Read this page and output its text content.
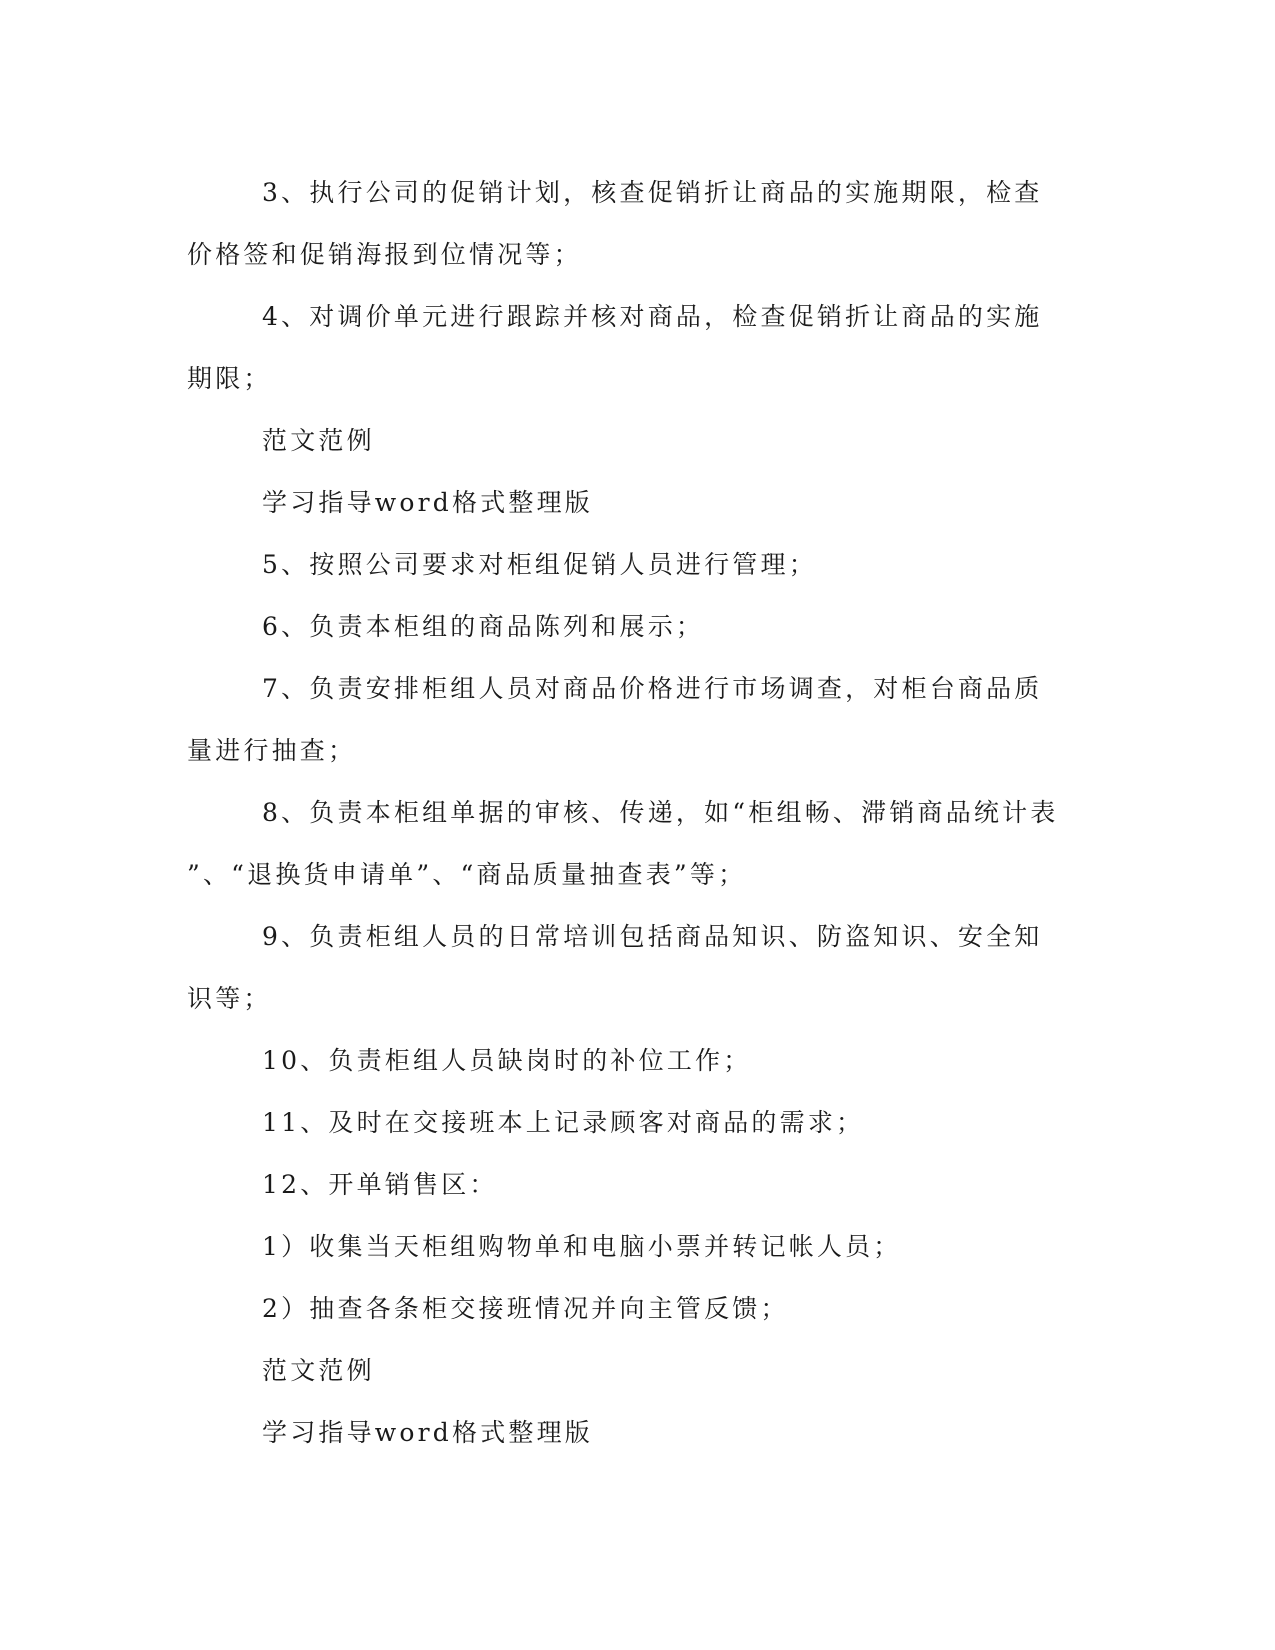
3、执行公司的促销计划，核查促销折让商品的实施期限，检查价格签和促销海报到位情况等；

4、对调价单元进行跟踪并核对商品，检查促销折让商品的实施期限；

范文范例

学习指导word格式整理版

5、按照公司要求对柜组促销人员进行管理；

6、负责本柜组的商品陈列和展示；

7、负责安排柜组人员对商品价格进行市场调查，对柜台商品质量进行抽查；

8、负责本柜组单据的审核、传递，如“柜组畅、滞销商品统计表

”、“退换货申请单”、“商品质量抽查表”等；

9、负责柜组人员的日常培训包括商品知识、防盗知识、安全知识等；

10、负责柜组人员缺岗时的补位工作；

11、及时在交接班本上记录顾客对商品的需求；

12、开单销售区：

1）收集当天柜组购物单和电脑小票并转记帐人员；

2）抽查各条柜交接班情况并向主管反馈；

范文范例

学习指导word格式整理版
